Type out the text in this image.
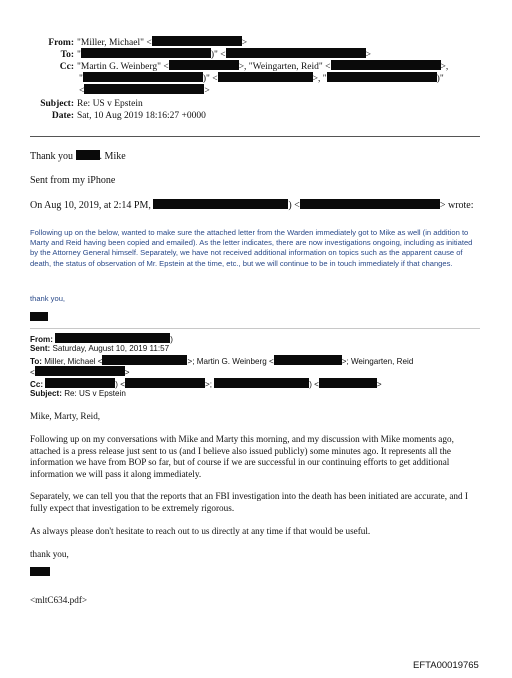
From: "Miller, Michael" <	>
To: "	)" <	>
Cc: "Martin G. Weinberg" <	>, "Weingarten, Reid" <	>,
"	)" <	>, "	)"
<	>
Subject: Re: US v Epstein
Date: Sat, 10 Aug 2019 18:16:27 +0000
Thank you	. Mike
Sent from my iPhone
On Aug 10, 2019, at 2:14 PM,	) <	> wrote:
Following up on the below, wanted to make sure the attached letter from the Warden immediately got to Mike as well (in addition to Marty and Reid having been copied and emailed). As the letter indicates, there are now investigations ongoing, including as initiated by the Attorney General himself. Separately, we have not received additional information on topics such as the apparent cause of death, the status of observation of Mr. Epstein at the time, etc., but we will continue to be in touch immediately if that changes.
thank you,
From:	)
Sent: Saturday, August 10, 2019 11:57
To: Miller, Michael <	>; Martin G. Weinberg <	>; Weingarten, Reid
<	>
Cc:	) <	>;	) <	>
Subject: Re: US v Epstein
Mike, Marty, Reid,
Following up on my conversations with Mike and Marty this morning, and my discussion with Mike moments ago, attached is a press release just sent to us (and I believe also issued publicly) some minutes ago. It represents all the information we have from BOP so far, but of course if we are successful in our continuing efforts to get additional information we will pass it along immediately.
Separately, we can tell you that the reports that an FBI investigation into the death has been initiated are accurate, and I fully expect that investigation to be extremely rigorous.
As always please don't hesitate to reach out to us directly at any time if that would be useful.
thank you,
<mltC634.pdf>
EFTA00019765
